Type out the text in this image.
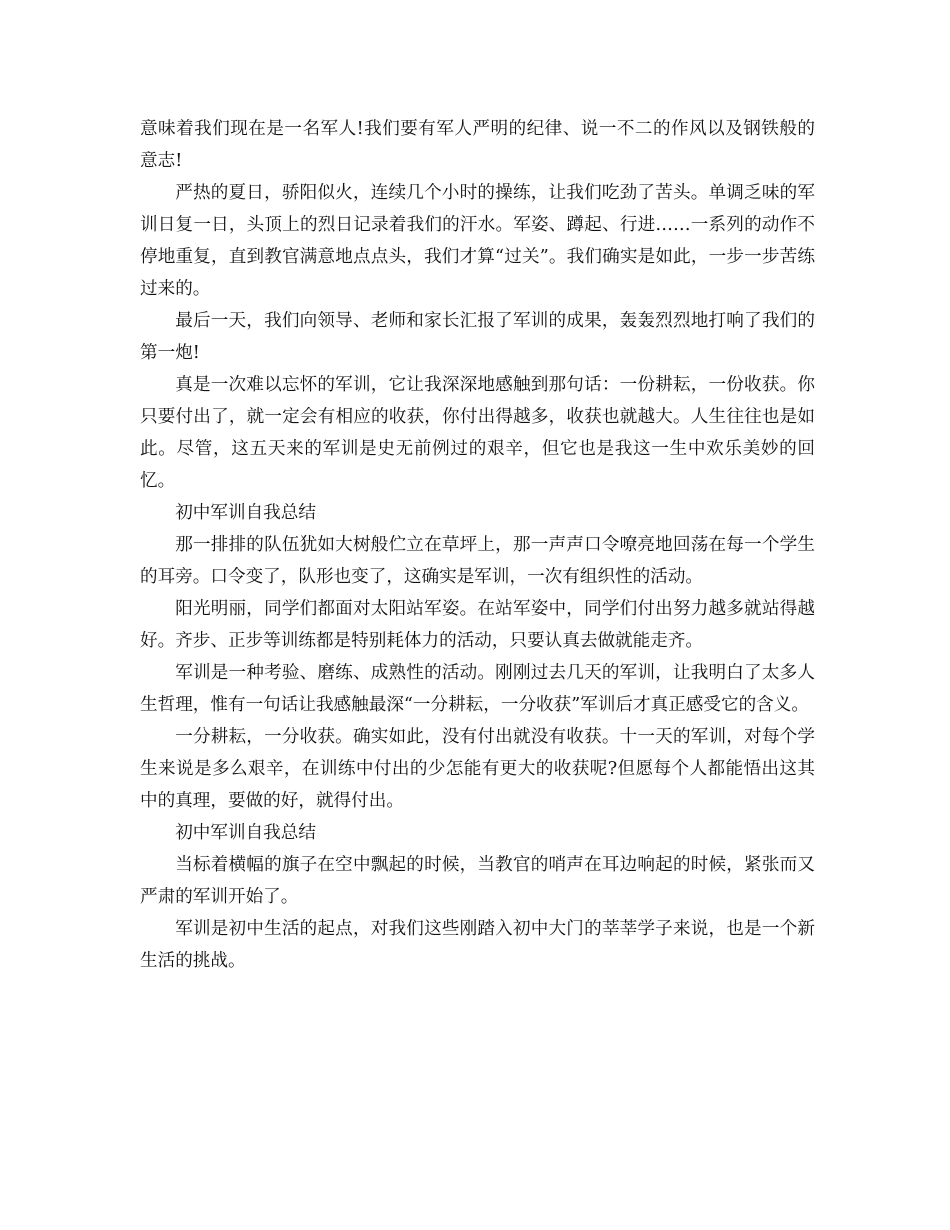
意味着我们现在是一名军人!我们要有军人严明的纪律、说一不二的作风以及钢铁般的意志!

严热的夏日，骄阳似火，连续几个小时的操练，让我们吃劲了苦头。单调乏味的军训日复一日，头顶上的烈日记录着我们的汗水。军姿、蹲起、行进……一系列的动作不停地重复，直到教官满意地点点头，我们才算“过关”。我们确实是如此，一步一步苦练过来的。

最后一天，我们向领导、老师和家长汇报了军训的成果，轰轰烈烈地打响了我们的第一炮!

真是一次难以忘怀的军训，它让我深深地感触到那句话：一份耕耘，一份收获。你只要付出了，就一定会有相应的收获，你付出得越多，收获也就越大。人生往往也是如此。尽管，这五天来的军训是史无前例过的艰辛，但它也是我这一生中欢乐美妙的回忆。

初中军训自我总结

那一排排的队伍犹如大树般伫立在草坪上，那一声声口令嘹亮地回荡在每一个学生的耳旁。口令变了，队形也变了，这确实是军训，一次有组织性的活动。

阳光明丽，同学们都面对太阳站军姿。在站军姿中，同学们付出努力越多就站得越好。齐步、正步等训练都是特别耗体力的活动，只要认真去做就能走齐。

军训是一种考验、磨练、成熟性的活动。刚刚过去几天的军训，让我明白了太多人生哲理，惟有一句话让我感触最深“一分耕耘，一分收获”军训后才真正感受它的含义。

一分耕耘，一分收获。确实如此，没有付出就没有收获。十一天的军训，对每个学生来说是多么艰辛，在训练中付出的少怎能有更大的收获呢?但愿每个人都能悟出这其中的真理，要做的好，就得付出。

初中军训自我总结

当标着横幅的旗子在空中飘起的时候，当教官的哨声在耳边响起的时候，紧张而又严肃的军训开始了。

军训是初中生活的起点，对我们这些刚踏入初中大门的莘莘学子来说，也是一个新生活的挑战。
